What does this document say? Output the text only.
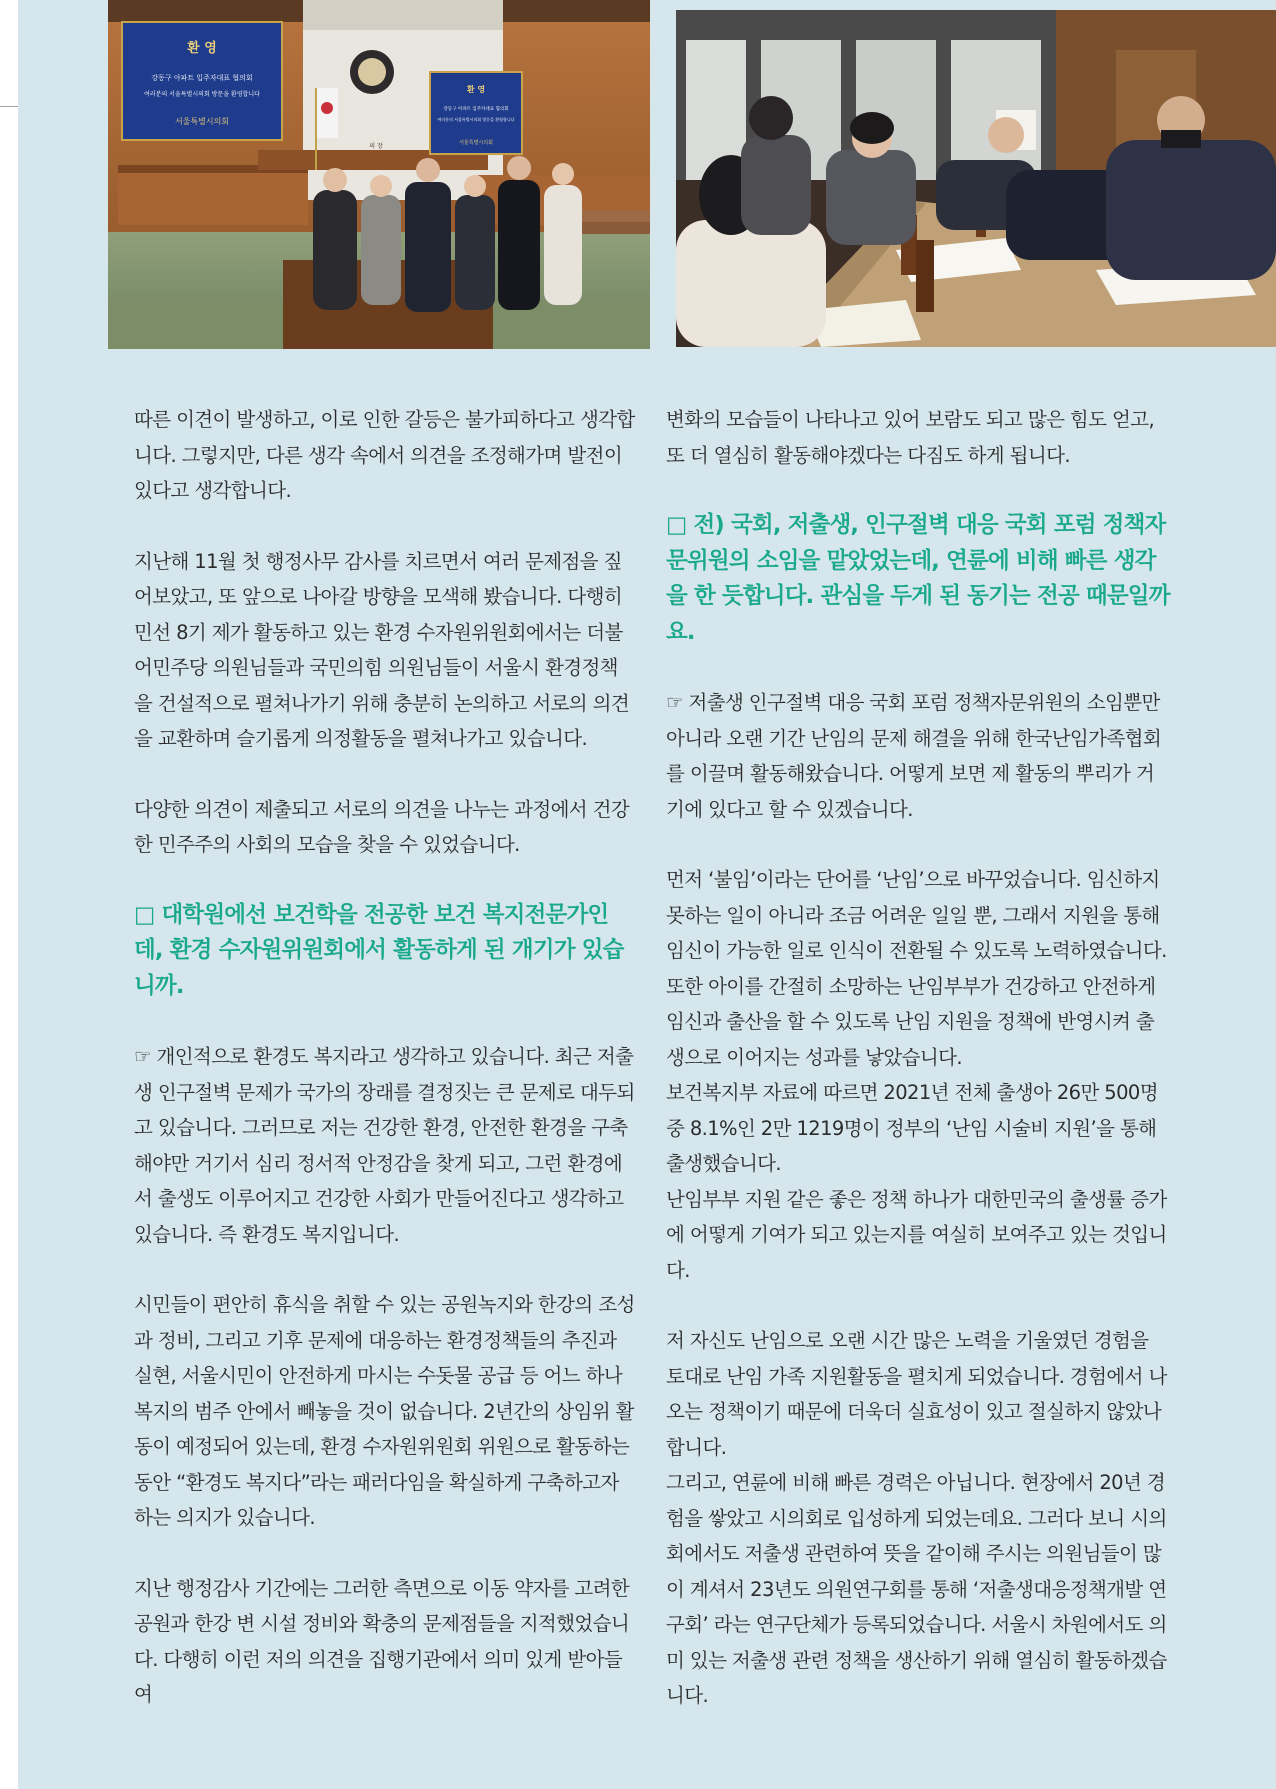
환 영
강동구 아파트 입주자대표 협의회
여러분의 서울특별시의회 방문을 환영합니다
서울특별시의회
환 영
강동구 아파트 입주자대표 협의회
여러분의 서울특별시의회 방문을 환영합니다
서울특별시의회
의 장

따른 이견이 발생하고, 이로 인한 갈등은 불가피하다고 생각합니다. 그렇지만, 다른 생각 속에서 의견을 조정해가며 발전이 있다고 생각합니다.

지난해 11월 첫 행정사무 감사를 치르면서 여러 문제점을 짚어보았고, 또 앞으로 나아갈 방향을 모색해 봤습니다. 다행히 민선 8기 제가 활동하고 있는 환경 수자원위원회에서는 더불어민주당 의원님들과 국민의힘 의원님들이 서울시 환경정책을 건설적으로 펼쳐나가기 위해 충분히 논의하고 서로의 의견을 교환하며 슬기롭게 의정활동을 펼쳐나가고 있습니다.

다양한 의견이 제출되고 서로의 의견을 나누는 과정에서 건강한 민주주의 사회의 모습을 찾을 수 있었습니다.

□ 대학원에선 보건학을 전공한 보건 복지전문가인데, 환경 수자원위원회에서 활동하게 된 개기가 있습니까.

☞ 개인적으로 환경도 복지라고 생각하고 있습니다. 최근 저출생 인구절벽 문제가 국가의 장래를 결정짓는 큰 문제로 대두되고 있습니다. 그러므로 저는 건강한 환경, 안전한 환경을 구축해야만 거기서 심리 정서적 안정감을 찾게 되고, 그런 환경에서 출생도 이루어지고 건강한 사회가 만들어진다고 생각하고 있습니다. 즉 환경도 복지입니다.

시민들이 편안히 휴식을 취할 수 있는 공원녹지와 한강의 조성과 정비, 그리고 기후 문제에 대응하는 환경정책들의 추진과 실현, 서울시민이 안전하게 마시는 수돗물 공급 등 어느 하나 복지의 범주 안에서 빼놓을 것이 없습니다. 2년간의 상임위 활동이 예정되어 있는데, 환경 수자원위원회 위원으로 활동하는 동안 “환경도 복지다”라는 패러다임을 확실하게 구축하고자 하는 의지가 있습니다.

지난 행정감사 기간에는 그러한 측면으로 이동 약자를 고려한 공원과 한강 변 시설 정비와 확충의 문제점들을 지적했었습니다. 다행히 이런 저의 의견을 집행기관에서 의미 있게 받아들여

변화의 모습들이 나타나고 있어 보람도 되고 많은 힘도 얻고, 또 더 열심히 활동해야겠다는 다짐도 하게 됩니다.

□ 전) 국회, 저출생, 인구절벽 대응 국회 포럼 정책자문위원의 소임을 맡았었는데, 연륜에 비해 빠른 생각을 한 듯합니다. 관심을 두게 된 동기는 전공 때문일까요.

☞ 저출생 인구절벽 대응 국회 포럼 정책자문위원의 소임뿐만 아니라 오랜 기간 난임의 문제 해결을 위해 한국난임가족협회를 이끌며 활동해왔습니다. 어떻게 보면 제 활동의 뿌리가 거기에 있다고 할 수 있겠습니다.

먼저 ‘불임’이라는 단어를 ‘난임’으로 바꾸었습니다. 임신하지 못하는 일이 아니라 조금 어려운 일일 뿐, 그래서 지원을 통해 임신이 가능한 일로 인식이 전환될 수 있도록 노력하였습니다. 또한 아이를 간절히 소망하는 난임부부가 건강하고 안전하게 임신과 출산을 할 수 있도록 난임 지원을 정책에 반영시켜 출생으로 이어지는 성과를 낳았습니다.

보건복지부 자료에 따르면 2021년 전체 출생아 26만 500명 중 8.1%인 2만 1219명이 정부의 ‘난임 시술비 지원’을 통해 출생했습니다.

난임부부 지원 같은 좋은 정책 하나가 대한민국의 출생률 증가에 어떻게 기여가 되고 있는지를 여실히 보여주고 있는 것입니다.

저 자신도 난임으로 오랜 시간 많은 노력을 기울였던 경험을 토대로 난임 가족 지원활동을 펼치게 되었습니다. 경험에서 나오는 정책이기 때문에 더욱더 실효성이 있고 절실하지 않았나 합니다.

그리고, 연륜에 비해 빠른 경력은 아닙니다. 현장에서 20년 경험을 쌓았고 시의회로 입성하게 되었는데요. 그러다 보니 시의회에서도 저출생 관련하여 뜻을 같이해 주시는 의원님들이 많이 계셔서 23년도 의원연구회를 통해 ‘저출생대응정책개발 연구회’ 라는 연구단체가 등록되었습니다. 서울시 차원에서도 의미 있는 저출생 관련 정책을 생산하기 위해 열심히 활동하겠습니다.
